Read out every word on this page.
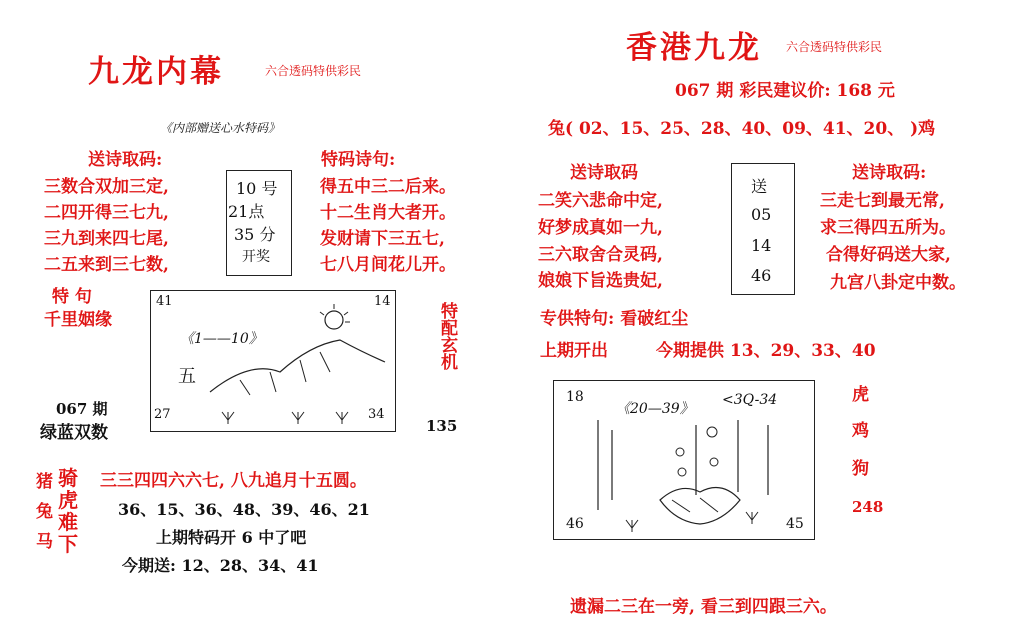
九龙内幕	六合透码特供彩民
《内部赠送心水特码》
送诗取码:	特码诗句:
三数合双加三定,
二四开得三七九,
三九到来四七尾,
二五来到三七数,
10 号
21点
35 分
开奖
得五中三二后来。
十二生肖大者开。
发财请下三五七,
七八月间花儿开。
特 句
千里姻缘
41	14
27	34
《1——10》
五
特配玄机
135
067 期
绿蓝双数
猪
兔
马
骑
虎
难
下
三三四四六六七, 八九追月十五圆。
36、15、36、48、39、46、21
上期特码开 6 中了吧
今期送: 12、28、34、41
香港九龙 六合透码特供彩民
067 期 彩民建议价: 168 元
兔( 02、15、25、28、40、09、41、20、 )鸡
送诗取码	送诗取码:
二笑六悲命中定,
好梦成真如一九,
三六取舍合灵码,
娘娘下旨选贵妃,
送
05
14
46
三走七到最无常,
求三得四五所为。
合得好码送大家,
九宫八卦定中数。
专供特句: 看破红尘
上期开出	今期提供 13、29、33、40
18
《20—39》
<3Q-34
46	45
虎
鸡
狗
248
遗漏二三在一旁, 看三到四跟三六。
